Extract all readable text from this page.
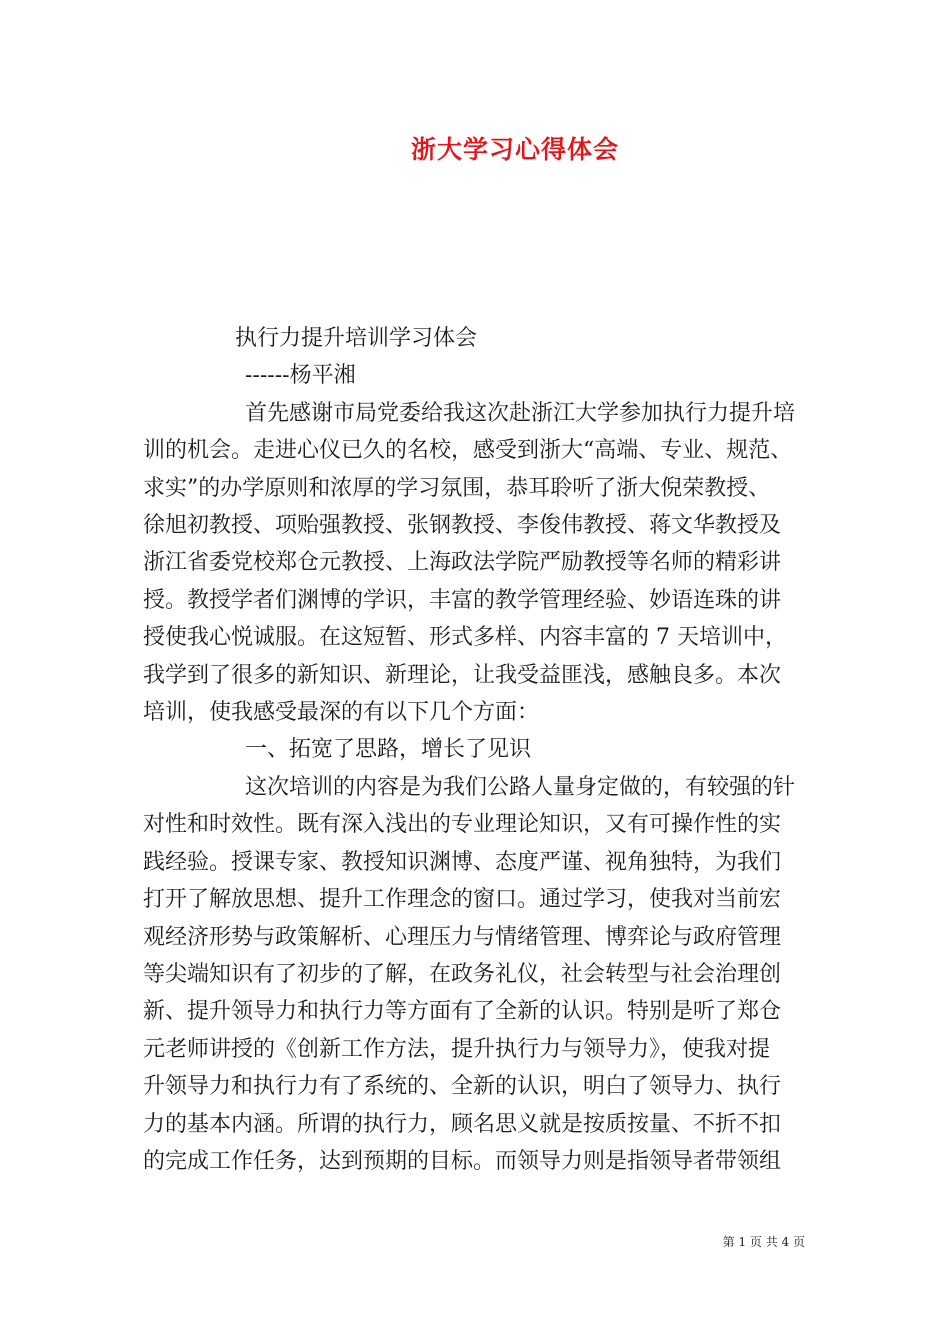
浙大学习心得体会

执行力提升培训学习体会

------杨平湘

首先感谢市局党委给我这次赴浙江大学参加执行力提升培

训的机会。走进心仪已久的名校，感受到浙大“高端、专业、规范、

求实”的办学原则和浓厚的学习氛围，恭耳聆听了浙大倪荣教授、

徐旭初教授、项贻强教授、张钢教授、李俊伟教授、蒋文华教授及

浙江省委党校郑仓元教授、上海政法学院严励教授等名师的精彩讲

授。教授学者们渊博的学识，丰富的教学管理经验、妙语连珠的讲

授使我心悦诚服。在这短暂、形式多样、内容丰富的 7 天培训中，

我学到了很多的新知识、新理论，让我受益匪浅，感触良多。本次

培训，使我感受最深的有以下几个方面：

一、拓宽了思路，增长了见识

这次培训的内容是为我们公路人量身定做的，有较强的针

对性和时效性。既有深入浅出的专业理论知识，又有可操作性的实

践经验。授课专家、教授知识渊博、态度严谨、视角独特，为我们

打开了解放思想、提升工作理念的窗口。通过学习，使我对当前宏

观经济形势与政策解析、心理压力与情绪管理、博弈论与政府管理

等尖端知识有了初步的了解，在政务礼仪，社会转型与社会治理创

新、提升领导力和执行力等方面有了全新的认识。特别是听了郑仓

元老师讲授的《创新工作方法，提升执行力与领导力》，使我对提

升领导力和执行力有了系统的、全新的认识，明白了领导力、执行

力的基本内涵。所谓的执行力，顾名思义就是按质按量、不折不扣

的完成工作任务，达到预期的目标。而领导力则是指领导者带领组

第 1 页 共 4 页
